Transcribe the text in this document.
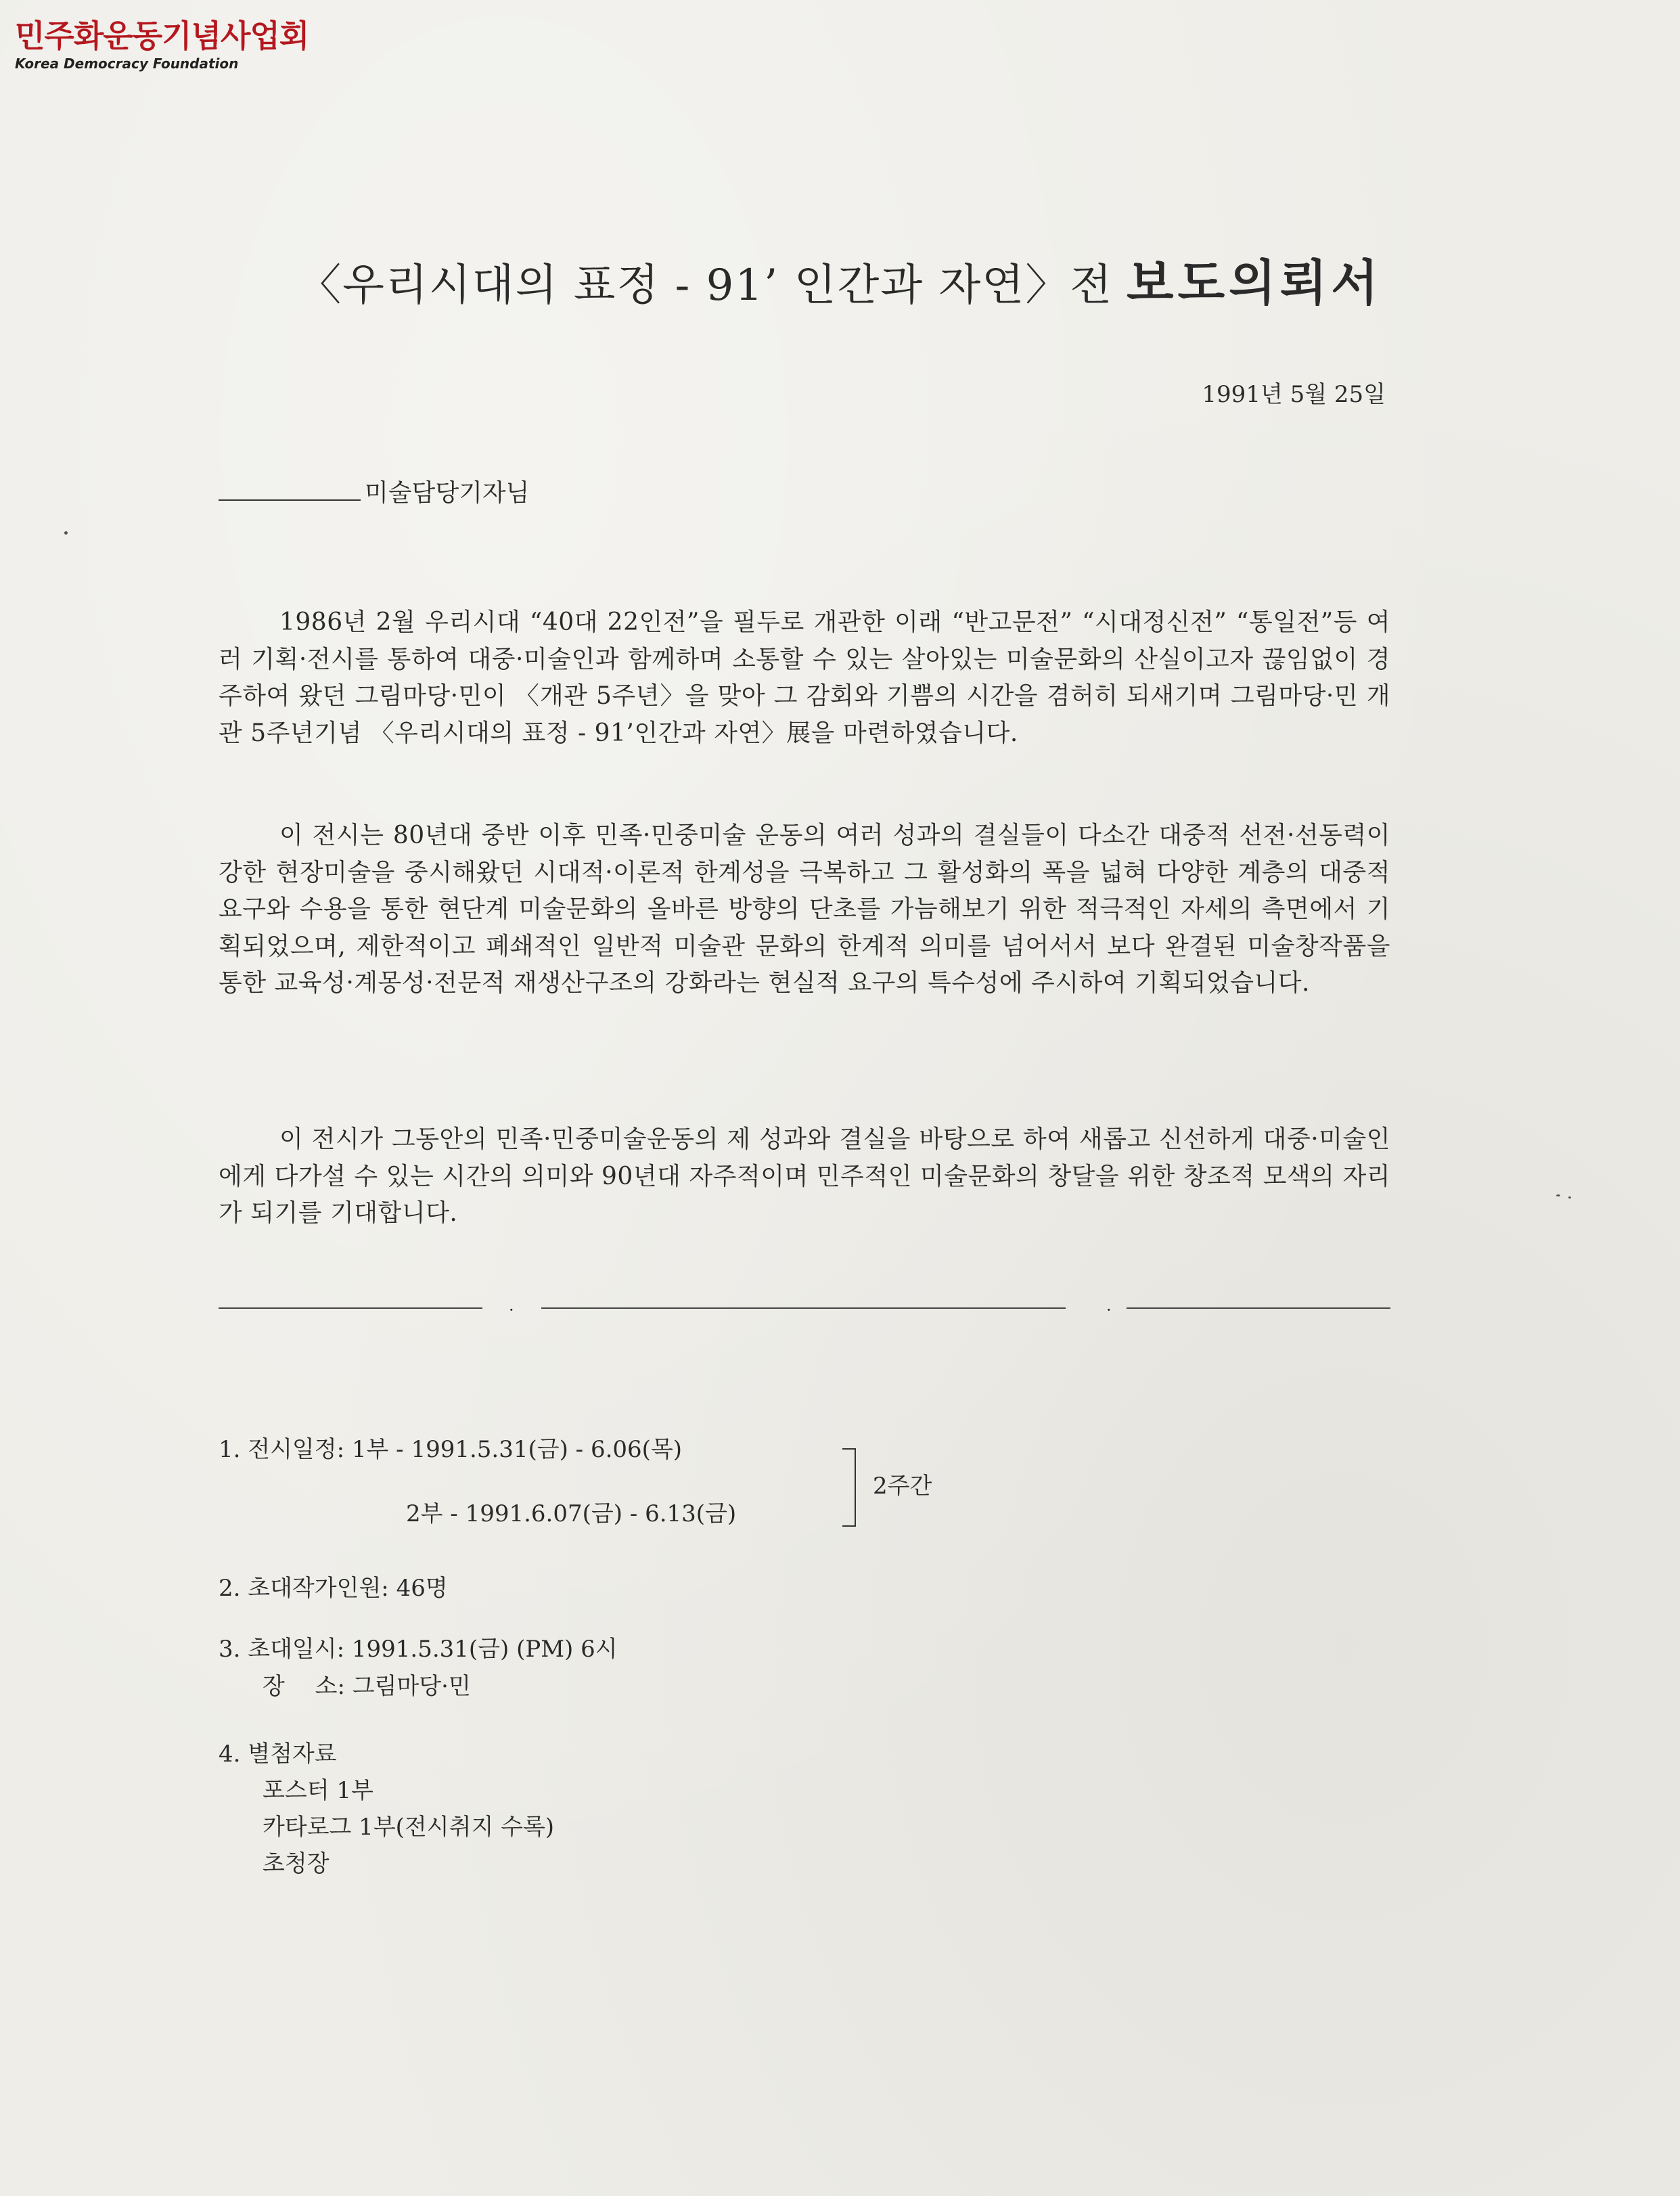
민주화운동기념사업회
Korea Democracy Foundation
〈우리시대의 표정 - 91’ 인간과 자연〉전 보도의뢰서
1991년 5월 25일
미술담당기자님
1986년 2월 우리시대 “40대 22인전”을 필두로 개관한 이래 “반고문전” “시대정신전” “통일전”등 여러 기획·전시를 통하여 대중·미술인과 함께하며 소통할 수 있는 살아있는 미술문화의 산실이고자 끊임없이 경주하여 왔던 그림마당·민이 〈개관 5주년〉을 맞아 그 감회와 기쁨의 시간을 겸허히 되새기며 그림마당·민 개관 5주년기념 〈우리시대의 표정 - 91’인간과 자연〉展을 마련하였습니다.
이 전시는 80년대 중반 이후 민족·민중미술 운동의 여러 성과의 결실들이 다소간 대중적 선전·선동력이 강한 현장미술을 중시해왔던 시대적·이론적 한계성을 극복하고 그 활성화의 폭을 넓혀 다양한 계층의 대중적 요구와 수용을 통한 현단계 미술문화의 올바른 방향의 단초를 가늠해보기 위한 적극적인 자세의 측면에서 기획되었으며, 제한적이고 폐쇄적인 일반적 미술관 문화의 한계적 의미를 넘어서서 보다 완결된 미술창작품을 통한 교육성·계몽성·전문적 재생산구조의 강화라는 현실적 요구의 특수성에 주시하여 기획되었습니다.
이 전시가 그동안의 민족·민중미술운동의 제 성과와 결실을 바탕으로 하여 새롭고 신선하게 대중·미술인에게 다가설 수 있는 시간의 의미와 90년대 자주적이며 민주적인 미술문화의 창달을 위한 창조적 모색의 자리가 되기를 기대합니다.
·	·
1. 전시일정: 1부 - 1991.5.31(금) - 6.06(목)
2부 - 1991.6.07(금) - 6.13(금)
2주간
2. 초대작가인원: 46명
3. 초대일시: 1991.5.31(금) (PM) 6시
장　 소: 그림마당·민
4. 별첨자료
포스터 1부
카타로그 1부(전시취지 수록)
초청장
